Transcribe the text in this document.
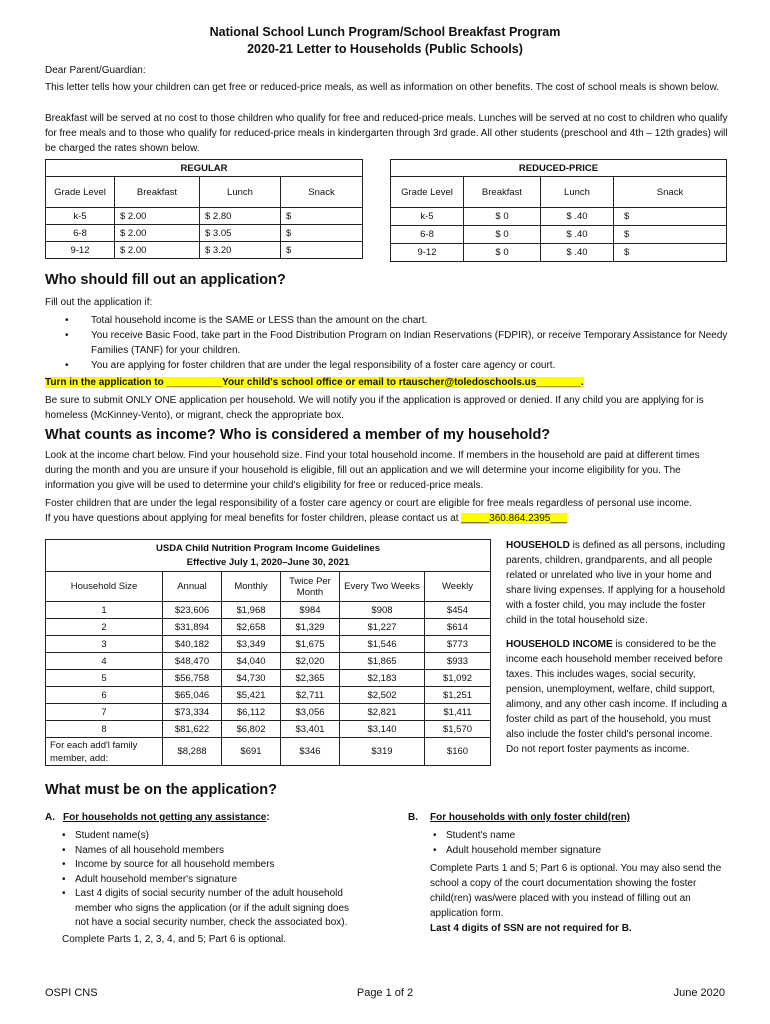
National School Lunch Program/School Breakfast Program
2020-21 Letter to Households (Public Schools)
Dear Parent/Guardian:
This letter tells how your children can get free or reduced-price meals, as well as information on other benefits. The cost of school meals is shown below.
Breakfast will be served at no cost to those children who qualify for free and reduced-price meals. Lunches will be served at no cost to children who qualify for free meals and to those who qualify for reduced-price meals in kindergarten through 3rd grade. All other students (preschool and 4th – 12th grades) will be charged the rates shown below.
REGULAR			
Grade Level	Breakfast	Lunch	Snack
k-5	$ 2.00	$ 2.80	$
6-8	$ 2.00	$ 3.05	$
9-12	$ 2.00	$ 3.20	$
REDUCED-PRICE			
Grade Level	Breakfast	Lunch	Snack
k-5	$ 0	$ .40	$
6-8	$ 0	$ .40	$
9-12	$ 0	$ .40	$
Who should fill out an application?
Fill out the application if:
• Total household income is the SAME or LESS than the amount on the chart.
• You receive Basic Food, take part in the Food Distribution Program on Indian Reservations (FDPIR), or receive Temporary Assistance for Needy Families (TANF) for your children.
• You are applying for foster children that are under the legal responsibility of a foster care agency or court.
Turn in the application to __________Your child's school office or email to rtauscher@toledoschools.us________.
Be sure to submit ONLY ONE application per household. We will notify you if the application is approved or denied. If any child you are applying for is homeless (McKinney-Vento), or migrant, check the appropriate box.
What counts as income? Who is considered a member of my household?
Look at the income chart below. Find your household size. Find your total household income. If members in the household are paid at different times during the month and you are unsure if your household is eligible, fill out an application and we will determine your income eligibility for you. The information you give will be used to determine your child's eligibility for free or reduced-price meals.
Foster children that are under the legal responsibility of a foster care agency or court are eligible for free meals regardless of personal use income.
If you have questions about applying for meal benefits for foster children, please contact us at _____360.864.2395___
USDA Child Nutrition Program Income Guidelines
Effective July 1, 2020–June 30, 2021					

Household Size	Annual	Monthly	Twice Per Month	Every Two Weeks	Weekly
1	$23,606	$1,968	$984	$908	$454
2	$31,894	$2,658	$1,329	$1,227	$614
3	$40,182	$3,349	$1,675	$1,546	$773
4	$48,470	$4,040	$2,020	$1,865	$933
5	$56,758	$4,730	$2,365	$2,183	$1,092
6	$65,046	$5,421	$2,711	$2,502	$1,251
7	$73,334	$6,112	$3,056	$2,821	$1,411
8	$81,622	$6,802	$3,401	$3,140	$1,570
For each add'l family member, add:	$8,288	$691	$346	$319	$160
HOUSEHOLD is defined as all persons, including parents, children, grandparents, and all people related or unrelated who live in your home and share living expenses. If applying for a household with a foster child, you may include the foster child in the total household size.
HOUSEHOLD INCOME is considered to be the income each household member received before taxes. This includes wages, social security, pension, unemployment, welfare, child support, alimony, and any other cash income. If including a foster child as part of the household, you must also include the foster child's personal income. Do not report foster payments as income.
What must be on the application?
A. For households not getting any assistance:
• Student name(s)
• Names of all household members
• Income by source for all household members
• Adult household member's signature
• Last 4 digits of social security number of the adult household member who signs the application (or if the adult signing does not have a social security number, check the associated box).
Complete Parts 1, 2, 3, 4, and 5; Part 6 is optional.
B. For households with only foster child(ren)
• Student's name
• Adult household member signature
Complete Parts 1 and 5; Part 6 is optional. You may also send the school a copy of the court documentation showing the foster child(ren) was/were placed with you instead of filling out an application form.
Last 4 digits of SSN are not required for B.
OSPI CNS	Page 1 of 2	June 2020
